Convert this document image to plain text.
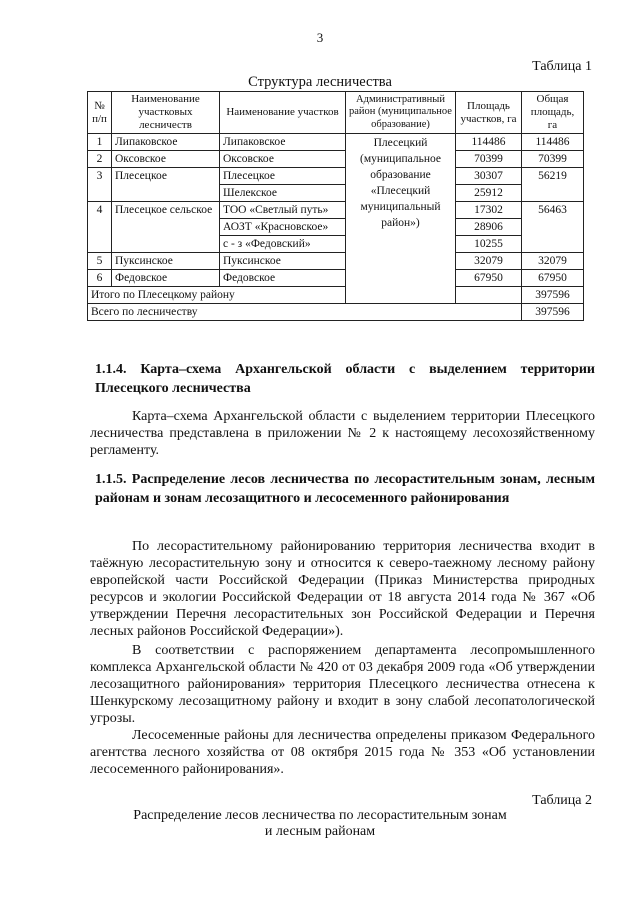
3
Таблица 1
Структура лесничества
№ п/п	Наименование участковых лесничеств	Наименование участков	Административный район (муниципальное образование)	Площадь участков, га	Общая площадь, га
1	Липаковское	Липаковское	Плесецкий (муниципальное образование «Плесецкий муниципальный район»)	114486	114486
2	Оксовское	Оксовское		70399	70399
3	Плесецкое	Плесецкое		30307	56219
		Шелекское		25912	
4	Плесецкое сельское	ТОО «Светлый путь»		17302	56463
		АОЗТ «Красновское»		28906	
		с - з «Федовский»		10255	
5	Пуксинское	Пуксинское		32079	32079
6	Федовское	Федовское		67950	67950
Итого по Плесецкому району					397596
Всего по лесничеству					397596
1.1.4. Карта–схема Архангельской области с выделением территории Плесецкого лесничества
Карта–схема Архангельской области с выделением территории Плесецкого лесничества представлена в приложении № 2 к настоящему лесохозяйственному регламенту.
1.1.5. Распределение лесов лесничества по лесорастительным зонам, лесным районам и зонам лесозащитного и лесосеменного районирования
По лесорастительному районированию территория лесничества входит в таёжную лесорастительную зону и относится к северо-таежному лесному району европейской части Российской Федерации (Приказ Министерства природных ресурсов и экологии Российской Федерации от 18 августа 2014 года № 367 «Об утверждении Перечня лесорастительных зон Российской Федерации и Перечня лесных районов Российской Федерации»).
В соответствии с распоряжением департамента лесопромышленного комплекса Архангельской области № 420 от 03 декабря 2009 года «Об утверждении лесозащитного районирования» территория Плесецкого лесничества отнесена к Шенкурскому лесозащитному району и входит в зону слабой лесопатологической угрозы.
Лесосеменные районы для лесничества определены приказом Федерального агентства лесного хозяйства от 08 октября 2015 года № 353 «Об установлении лесосеменного районирования».
Таблица 2
Распределение лесов лесничества по лесорастительным зонам
и лесным районам
